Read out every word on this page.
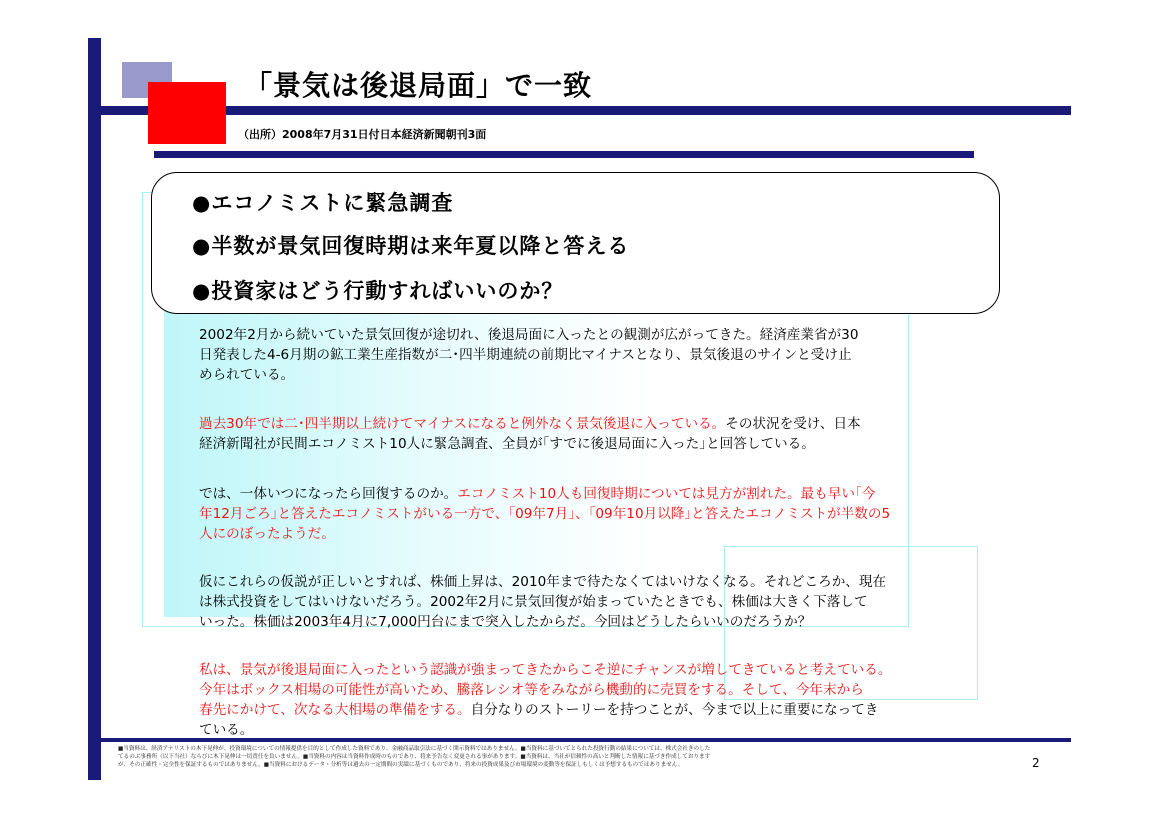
「景気は後退局面」で一致
（出所）2008年7月31日付日本経済新聞朝刊3面
●エコノミストに緊急調査
●半数が景気回復時期は来年夏以降と答える
●投資家はどう行動すればいいのか？
2002年2月から続いていた景気回復が途切れ、後退局面に入ったとの観測が広がってきた。経済産業省が30
日発表した4-6月期の鉱工業生産指数が二･四半期連続の前期比マイナスとなり、景気後退のサインと受け止
められている。
過去30年では二･四半期以上続けてマイナスになると例外なく景気後退に入っている。その状況を受け、日本
経済新聞社が民間エコノミスト10人に緊急調査、全員が｢すでに後退局面に入った｣と回答している。
では、一体いつになったら回復するのか。エコノミスト10人も回復時期については見方が割れた。最も早い｢今
年12月ごろ｣と答えたエコノミストがいる一方で、｢09年7月｣、｢09年10月以降｣と答えたエコノミストが半数の5
人にのぼったようだ。
仮にこれらの仮説が正しいとすれば、株価上昇は、2010年まで待たなくてはいけなくなる。それどころか、現在
は株式投資をしてはいけないだろう。2002年2月に景気回復が始まっていたときでも、株価は大きく下落して
いった。株価は2003年4月に7,000円台にまで突入したからだ。今回はどうしたらいいのだろうか？
私は、景気が後退局面に入ったという認識が強まってきたからこそ逆にチャンスが増してきていると考えている。
今年はボックス相場の可能性が高いため、騰落レシオ等をみながら機動的に売買をする。そして、今年末から
春先にかけて、次なる大相場の準備をする。自分なりのストーリーを持つことが、今まで以上に重要になってき
ている。
■当資料は、経済アナリストの木下晃伸が、投資環境についての情報提供を目的として作成した資料であり、金融商品取引法に基づく開示資料ではありません。■当資料に基づいてとられた投資行動の結果については、株式会社きのした
てるのぶ事務所（以下当社）ならびに木下晃伸は一切責任を負いません。■当資料の内容は当資料作成時のものであり、将来予告なく変更される事があります。■当資料は、当社が信頼性の高いと判断した情報に基づき作成しております
が、その正確性・完全性を保証するものではありません。■当資料におけるデータ・分析等は過去の一定期間の実績に基づくものであり、将来の投資成果及び市場環境の変動等を保証しもしくは予想するものではありません。	2
